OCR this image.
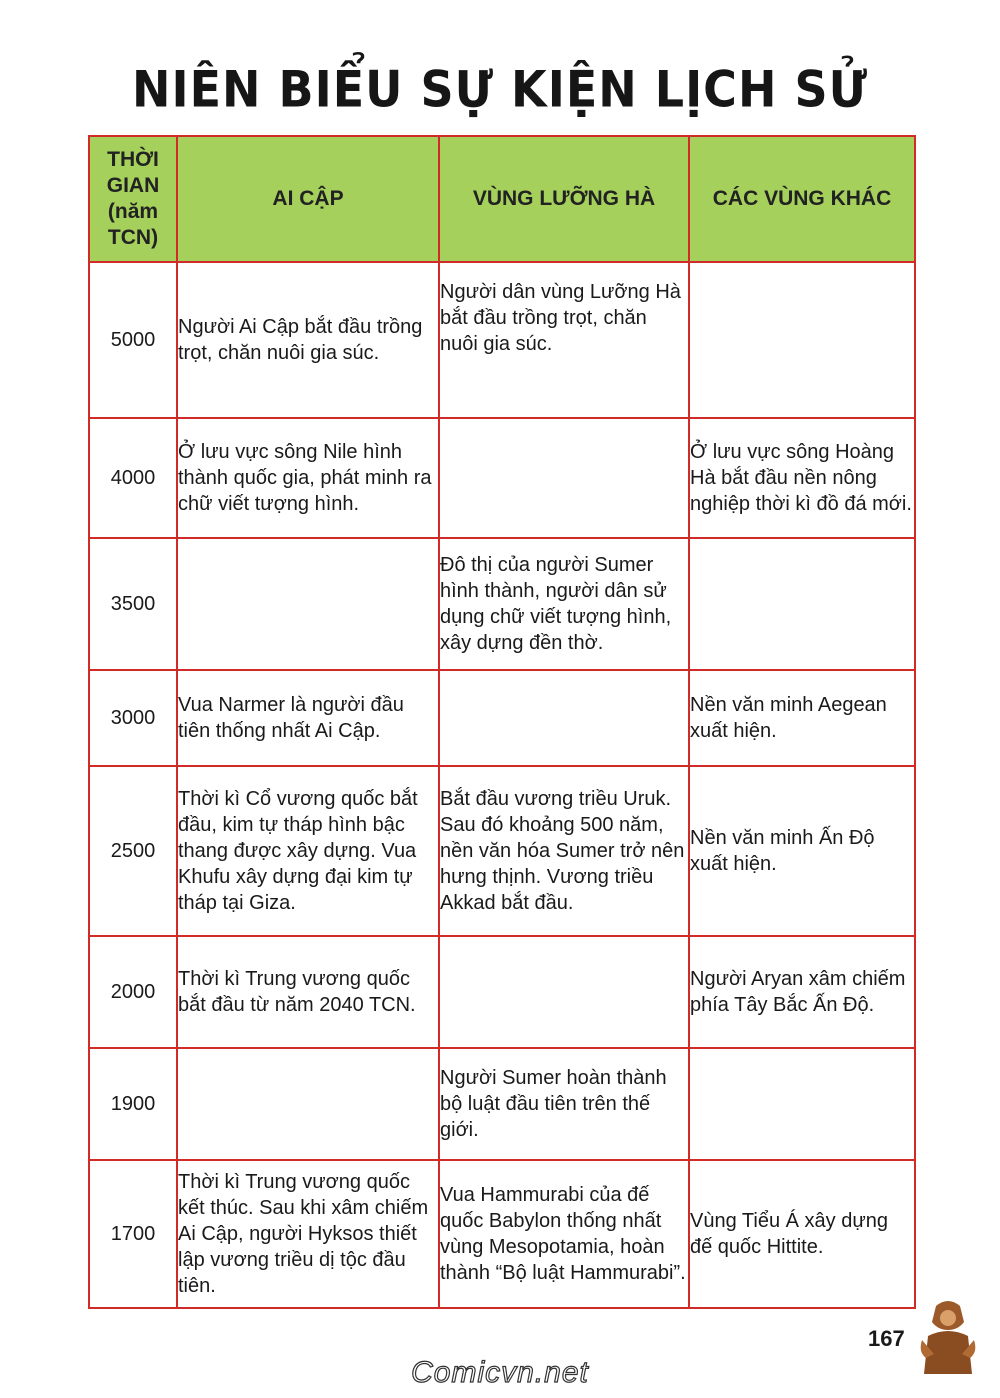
NIÊN BIỂU SỰ KIỆN LỊCH SỬ
THỜI
GIAN
(năm
TCN)	AI CẬP	VÙNG LƯỠNG HÀ	CÁC VÙNG KHÁC
5000	Người Ai Cập bắt đầu trồng trọt, chăn nuôi gia súc.	Người dân vùng Lưỡng Hà bắt đầu trồng trọt, chăn nuôi gia súc.	
4000	Ở lưu vực sông Nile hình thành quốc gia, phát minh ra chữ viết tượng hình.		Ở lưu vực sông Hoàng Hà bắt đầu nền nông nghiệp thời kì đồ đá mới.
3500		Đô thị của người Sumer hình thành, người dân sử dụng chữ viết tượng hình, xây dựng đền thờ.	
3000	Vua Narmer là người đầu tiên thống nhất Ai Cập.		Nền văn minh Aegean xuất hiện.
2500	Thời kì Cổ vương quốc bắt đầu, kim tự tháp hình bậc thang được xây dựng. Vua Khufu xây dựng đại kim tự tháp tại Giza.	Bắt đầu vương triều Uruk. Sau đó khoảng 500 năm, nền văn hóa Sumer trở nên hưng thịnh. Vương triều Akkad bắt đầu.	Nền văn minh Ấn Độ xuất hiện.
2000	Thời kì Trung vương quốc bắt đầu từ năm 2040 TCN.		Người Aryan xâm chiếm phía Tây Bắc Ấn Độ.
1900		Người Sumer hoàn thành bộ luật đầu tiên trên thế giới.	
1700	Thời kì Trung vương quốc kết thúc. Sau khi xâm chiếm Ai Cập, người Hyksos thiết lập vương triều dị tộc đầu tiên.	Vua Hammurabi của đế quốc Babylon thống nhất vùng Mesopotamia, hoàn thành “Bộ luật Hammurabi”.	Vùng Tiểu Á xây dựng đế quốc Hittite.
167
Comicvn.net
